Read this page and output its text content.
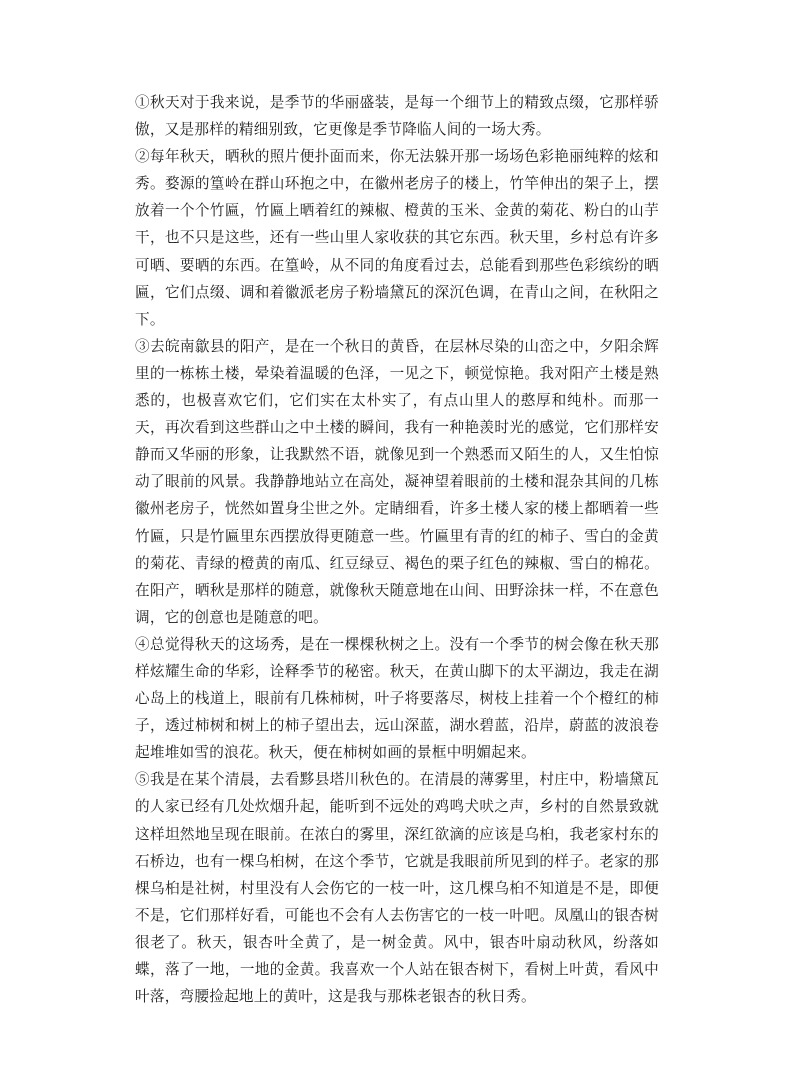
①秋天对于我来说，是季节的华丽盛装，是每一个细节上的精致点缀，它那样骄傲，又是那样的精细别致，它更像是季节降临人间的一场大秀。

②每年秋天，晒秋的照片便扑面而来，你无法躲开那一场场色彩艳丽纯粹的炫和秀。婺源的篁岭在群山环抱之中，在徽州老房子的楼上，竹竿伸出的架子上，摆放着一个个竹匾，竹匾上晒着红的辣椒、橙黄的玉米、金黄的菊花、粉白的山芋干，也不只是这些，还有一些山里人家收获的其它东西。秋天里，乡村总有许多可晒、要晒的东西。在篁岭，从不同的角度看过去，总能看到那些色彩缤纷的晒匾，它们点缀、调和着徽派老房子粉墙黛瓦的深沉色调，在青山之间，在秋阳之下。

③去皖南歙县的阳产，是在一个秋日的黄昏，在层林尽染的山峦之中，夕阳余辉里的一栋栋土楼，晕染着温暖的色泽，一见之下，顿觉惊艳。我对阳产土楼是熟悉的，也极喜欢它们，它们实在太朴实了，有点山里人的憨厚和纯朴。而那一天，再次看到这些群山之中土楼的瞬间，我有一种艳羡时光的感觉，它们那样安静而又华丽的形象，让我默然不语，就像见到一个熟悉而又陌生的人，又生怕惊动了眼前的风景。我静静地站立在高处，凝神望着眼前的土楼和混杂其间的几栋徽州老房子，恍然如置身尘世之外。定睛细看，许多土楼人家的楼上都晒着一些竹匾，只是竹匾里东西摆放得更随意一些。竹匾里有青的红的柿子、雪白的金黄的菊花、青绿的橙黄的南瓜、红豆绿豆、褐色的栗子红色的辣椒、雪白的棉花。在阳产，晒秋是那样的随意，就像秋天随意地在山间、田野涂抹一样，不在意色调，它的创意也是随意的吧。

④总觉得秋天的这场秀，是在一棵棵秋树之上。没有一个季节的树会像在秋天那样炫耀生命的华彩，诠释季节的秘密。秋天，在黄山脚下的太平湖边，我走在湖心岛上的栈道上，眼前有几株柿树，叶子将要落尽，树枝上挂着一个个橙红的柿子，透过柿树和树上的柿子望出去，远山深蓝，湖水碧蓝，沿岸，蔚蓝的波浪卷起堆堆如雪的浪花。秋天，便在柿树如画的景框中明媚起来。

⑤我是在某个清晨，去看黟县塔川秋色的。在清晨的薄雾里，村庄中，粉墙黛瓦的人家已经有几处炊烟升起，能听到不远处的鸡鸣犬吠之声，乡村的自然景致就这样坦然地呈现在眼前。在浓白的雾里，深红欲滴的应该是乌桕，我老家村东的石桥边，也有一棵乌桕树，在这个季节，它就是我眼前所见到的样子。老家的那棵乌桕是社树，村里没有人会伤它的一枝一叶，这几棵乌桕不知道是不是，即便不是，它们那样好看，可能也不会有人去伤害它的一枝一叶吧。凤凰山的银杏树很老了。秋天，银杏叶全黄了，是一树金黄。风中，银杏叶扇动秋风，纷落如蝶，落了一地，一地的金黄。我喜欢一个人站在银杏树下，看树上叶黄，看风中叶落，弯腰捡起地上的黄叶，这是我与那株老银杏的秋日秀。
